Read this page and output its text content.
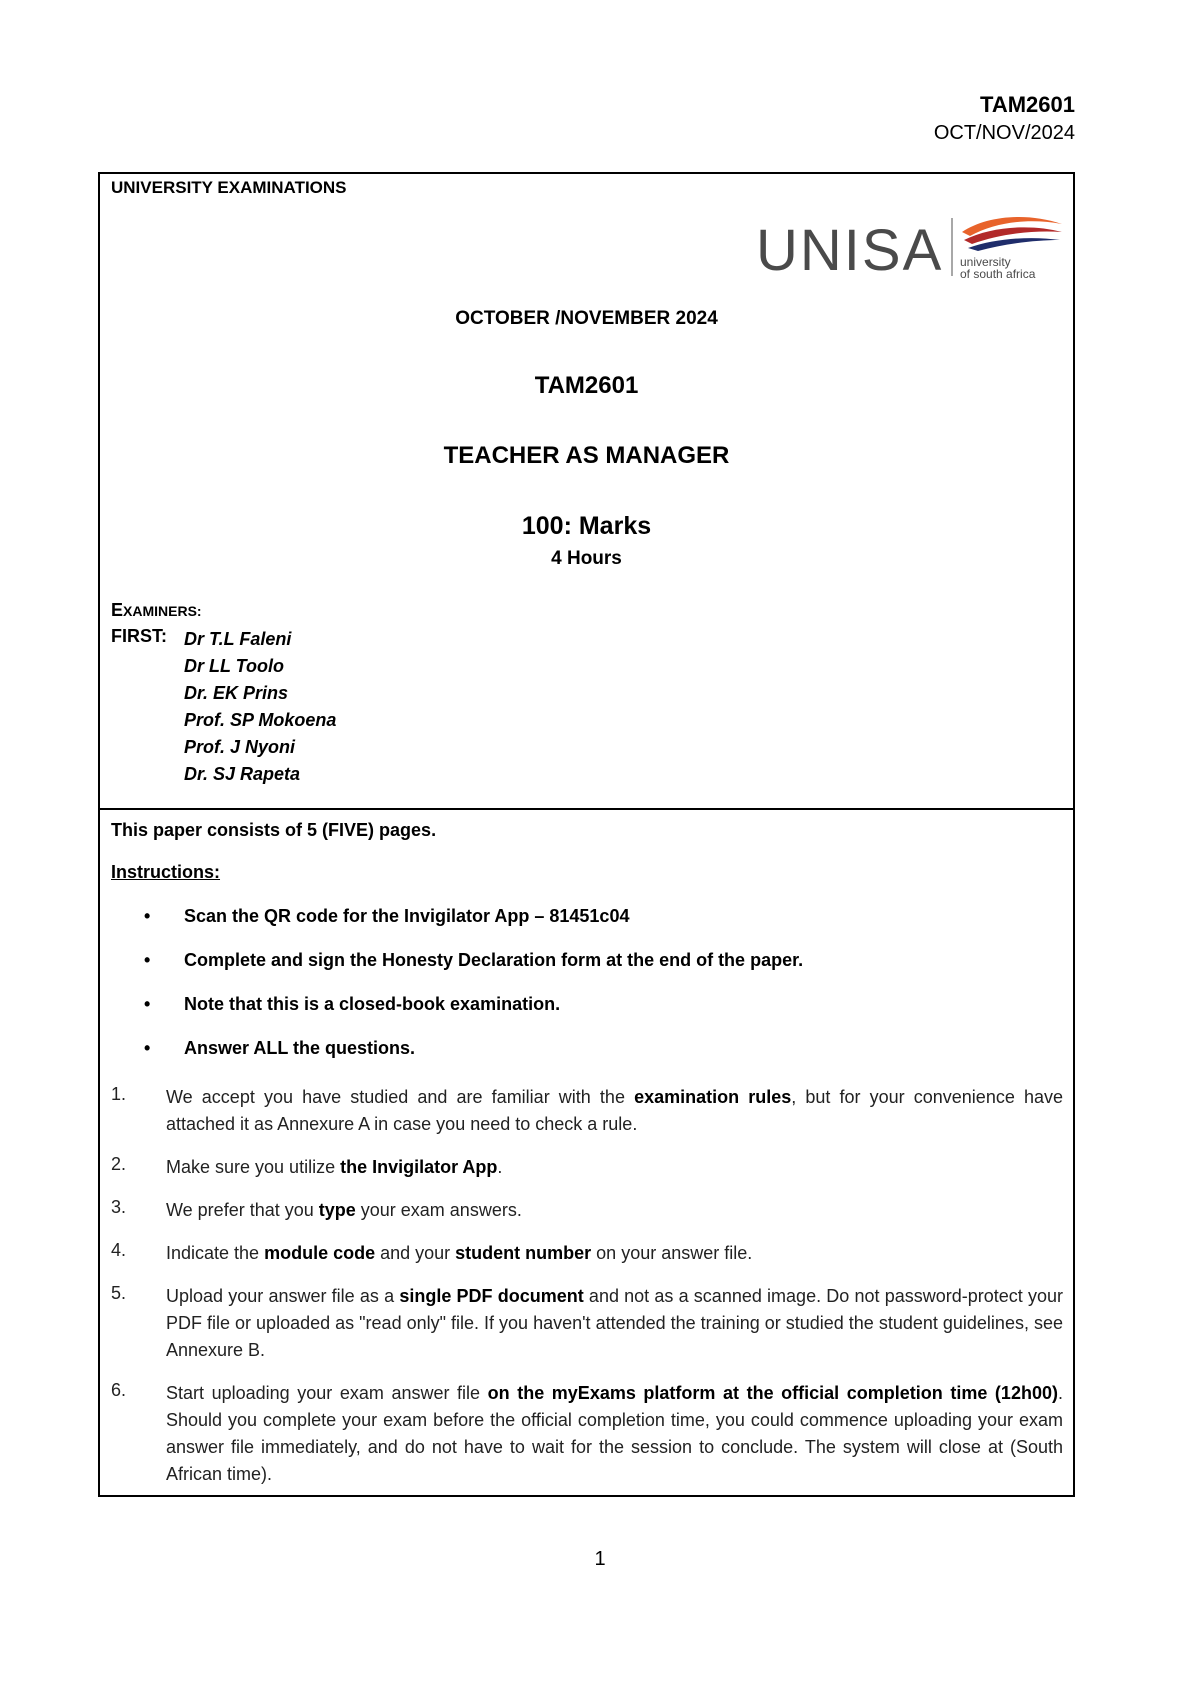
TAM2601
OCT/NOV/2024
UNIVERSITY EXAMINATIONS
UNISA university
of south africa
OCTOBER /NOVEMBER 2024
TAM2601
TEACHER AS MANAGER
100: Marks
4 Hours
EXAMINERS:
FIRST: Dr T.L Faleni
Dr LL Toolo
Dr. EK Prins
Prof. SP Mokoena
Prof. J Nyoni
Dr. SJ Rapeta
This paper consists of 5 (FIVE) pages.
Instructions:
• Scan the QR code for the Invigilator App – 81451c04
• Complete and sign the Honesty Declaration form at the end of the paper.
• Note that this is a closed-book examination.
• Answer ALL the questions.
1. We accept you have studied and are familiar with the examination rules, but for your convenience have attached it as Annexure A in case you need to check a rule.
2. Make sure you utilize the Invigilator App.
3. We prefer that you type your exam answers.
4. Indicate the module code and your student number on your answer file.
5. Upload your answer file as a single PDF document and not as a scanned image. Do not password-protect your PDF file or uploaded as "read only" file. If you haven't attended the training or studied the student guidelines, see Annexure B.
6. Start uploading your exam answer file on the myExams platform at the official completion time (12h00). Should you complete your exam before the official completion time, you could commence uploading your exam answer file immediately, and do not have to wait for the session to conclude. The system will close at (South African time).
1
